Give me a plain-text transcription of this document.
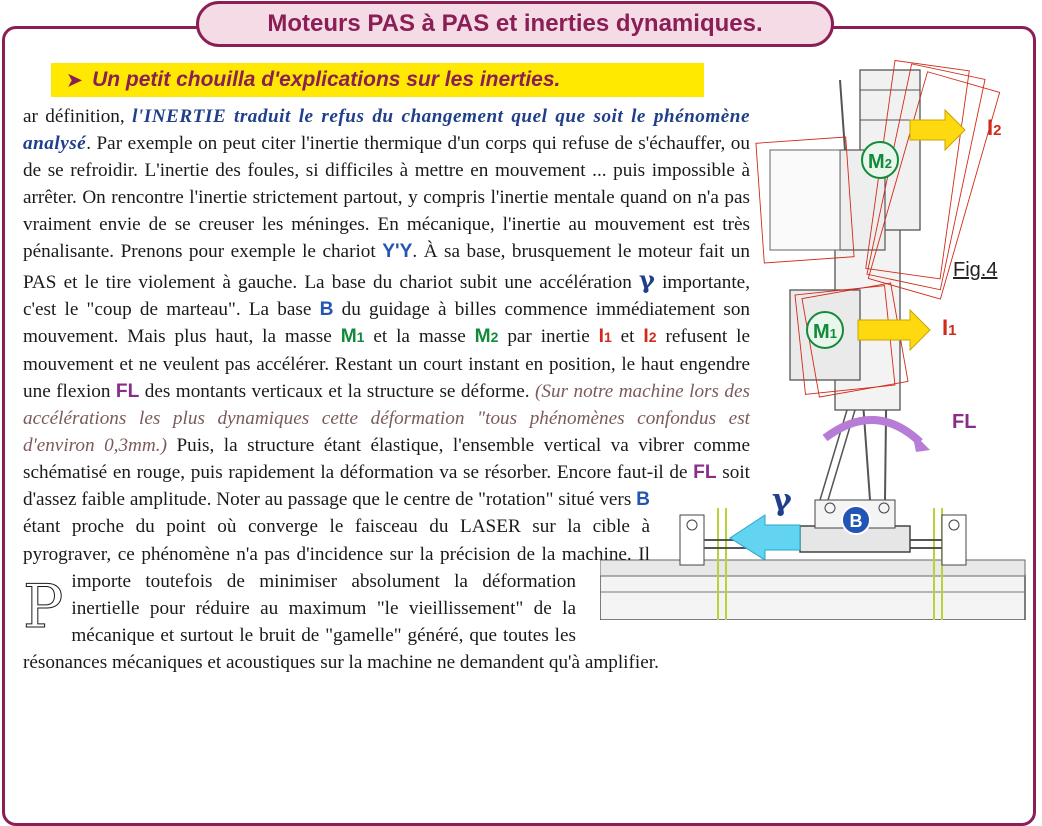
Moteurs PAS à PAS et inerties dynamiques.
➤ Un petit chouilla d'explications sur les inerties.
M2
M1
B
I2
I1
FL
γ
Fig.4
P
ar définition, l'INERTIE traduit le refus du changement quel que soit le phénomène analysé. Par exemple on peut citer l'inertie thermique d'un corps qui refuse de s'échauffer, ou de se refroidir. L'inertie des foules, si difficiles à mettre en mouvement ... puis impossible à arrêter. On rencontre l'inertie strictement partout, y compris l'inertie mentale quand on n'a pas vraiment envie de se creuser les méninges. En mécanique, l'inertie au mouvement est très pénalisante. Prenons pour exemple le chariot Y'Y. À sa base, brusquement le moteur fait un PAS et le tire violement à gauche. La base du chariot subit une accélération γ importante, c'est le "coup de marteau". La base B du guidage à billes commence immédiatement son mouvement. Mais plus haut, la masse M1 et la masse M2 par inertie I1 et I2 refusent le mouvement et ne veulent pas accélérer. Restant un court instant en position, le haut engendre une flexion FL des montants verticaux et la structure se déforme. (Sur notre machine lors des accélérations les plus dynamiques cette déformation "tous phénomènes confondus est d'environ 0,3mm.) Puis, la structure étant élastique, l'ensemble vertical va vibrer comme schématisé en rouge, puis rapidement la déformation va se résorber. Encore faut-il de FL soit d'assez faible amplitude. Noter au passage que le centre de "rotation" situé vers B étant proche du point où converge le faisceau du LASER sur la cible à pyrograver, ce phénomène n'a pas d'incidence sur la précision de la machine. Il importe toutefois de minimiser absolument la déformation inertielle pour réduire au maximum "le vieillissement" de la mécanique et surtout le bruit de "gamelle" généré, que toutes les résonances mécaniques et acoustiques sur la machine ne demandent qu'à amplifier.
